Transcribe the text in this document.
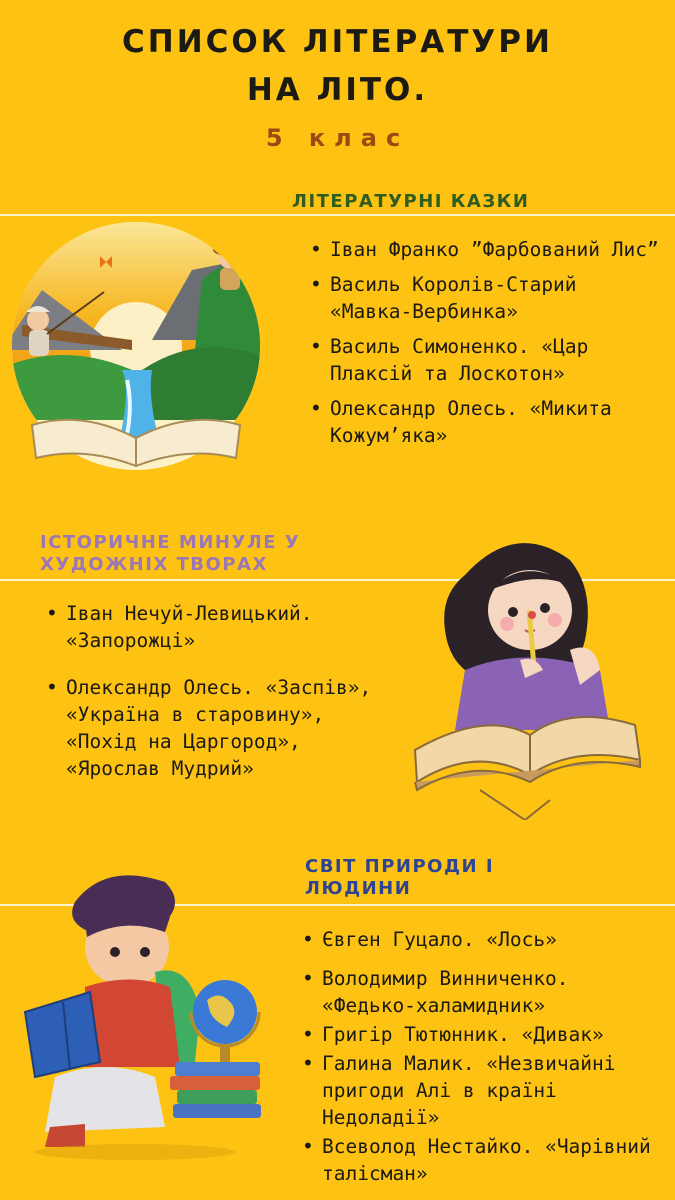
СПИСОК ЛІТЕРАТУРИ
НА ЛІТО.
5 клас
ЛІТЕРАТУРНІ КАЗКИ
• Іван Франко ”Фарбований Лис”
• Василь Королів-Старий «Мавка-Вербинка»
• Василь Симоненко. «Цар Плаксій та Лоскотон»
• Олександр Олесь. «Микита Кожум’яка»
ІСТОРИЧНЕ МИНУЛЕ У ХУДОЖНІХ ТВОРАХ
• Іван Нечуй-Левицький. «Запорожці»
• Олександр Олесь. «Заспів», «Україна в старовину», «Похід на Царгород», «Ярослав Мудрий»
СВІТ ПРИРОДИ І ЛЮДИНИ
• Євген Гуцало. «Лось»
• Володимир Винниченко. «Федько-халамидник»
• Григір Тютюнник. «Дивак»
• Галина Малик. «Незвичайні пригоди Алі в країні Недоладії»
• Всеволод Нестайко. «Чарівний талісман»
